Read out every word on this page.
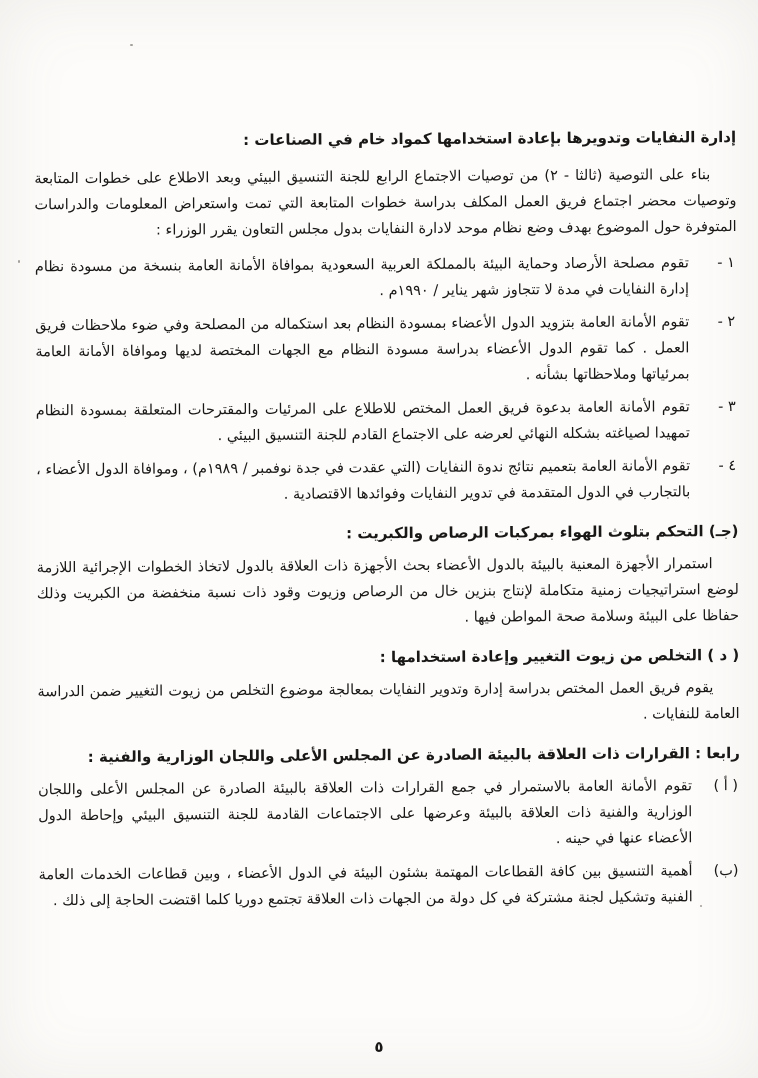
إدارة النفايات وتدويرها بإعادة استخدامها كمواد خام في الصناعات :
بناء على التوصية (ثالثا - ٢) من توصيات الاجتماع الرابع للجنة التنسيق البيئي وبعد الاطلاع على خطوات المتابعة وتوصيات محضر اجتماع فريق العمل المكلف بدراسة خطوات المتابعة التي تمت واستعراض المعلومات والدراسات المتوفرة حول الموضوع بهدف وضع نظام موحد لادارة النفايات بدول مجلس التعاون يقرر الوزراء :
١ -
تقوم مصلحة الأرصاد وحماية البيئة بالمملكة العربية السعودية بموافاة الأمانة العامة بنسخة من مسودة نظام إدارة النفايات في مدة لا تتجاوز شهر يناير / ١٩٩٠م .
٢ -
تقوم الأمانة العامة بتزويد الدول الأعضاء بمسودة النظام بعد استكماله من المصلحة وفي ضوء ملاحظات فريق العمل . كما تقوم الدول الأعضاء بدراسة مسودة النظام مع الجهات المختصة لديها وموافاة الأمانة العامة بمرئياتها وملاحظاتها بشأنه .
٣ -
تقوم الأمانة العامة بدعوة فريق العمل المختص للاطلاع على المرئيات والمقترحات المتعلقة بمسودة النظام تمهيدا لصياغته بشكله النهائي لعرضه على الاجتماع القادم للجنة التنسيق البيئي .
٤ -
تقوم الأمانة العامة بتعميم نتائج ندوة النفايات (التي عقدت في جدة نوفمبر / ١٩٨٩م) ، وموافاة الدول الأعضاء ، بالتجارب في الدول المتقدمة في تدوير النفايات وفوائدها الاقتصادية .
(جـ) التحكم بتلوث الهواء بمركبات الرصاص والكبريت :
استمرار الأجهزة المعنية بالبيئة بالدول الأعضاء بحث الأجهزة ذات العلاقة بالدول لاتخاذ الخطوات الإجرائية اللازمة لوضع استراتيجيات زمنية متكاملة لإنتاج بنزين خال من الرصاص وزيوت وقود ذات نسبة منخفضة من الكبريت وذلك حفاظا على البيئة وسلامة صحة المواطن فيها .
( د ) التخلص من زيوت التغيير وإعادة استخدامها :
يقوم فريق العمل المختص بدراسة إدارة وتدوير النفايات بمعالجة موضوع التخلص من زيوت التغيير ضمن الدراسة العامة للنفايات .
رابعا : القرارات ذات العلاقة بالبيئة الصادرة عن المجلس الأعلى واللجان الوزارية والفنية :
( أ )
تقوم الأمانة العامة بالاستمرار في جمع القرارات ذات العلاقة بالبيئة الصادرة عن المجلس الأعلى واللجان الوزارية والفنية ذات العلاقة بالبيئة وعرضها على الاجتماعات القادمة للجنة التنسيق البيئي وإحاطة الدول الأعضاء عنها في حينه .
(ب)
أهمية التنسيق بين كافة القطاعات المهتمة بشئون البيئة في الدول الأعضاء ، وبين قطاعات الخدمات العامة الفنية وتشكيل لجنة مشتركة في كل دولة من الجهات ذات العلاقة تجتمع دوريا كلما اقتضت الحاجة إلى ذلك .
٥
